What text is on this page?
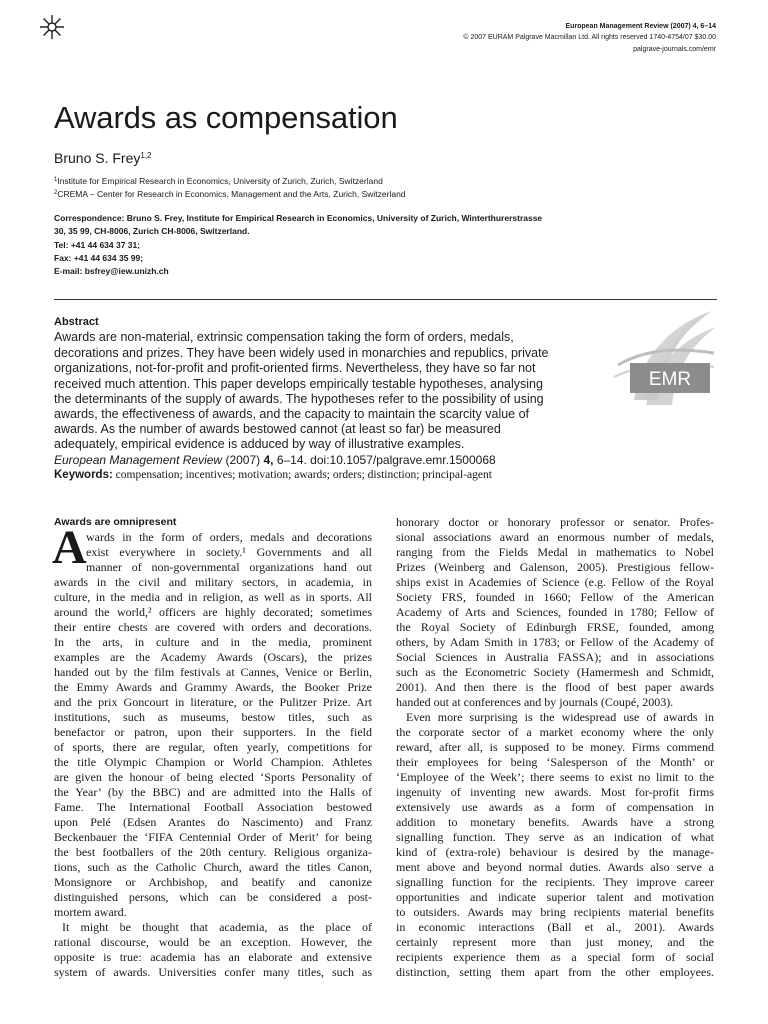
European Management Review (2007) 4, 6–14
© 2007 EURAM Palgrave Macmillan Ltd. All rights reserved 1740-4754/07 $30.00
palgrave-journals.com/emr
Awards as compensation
Bruno S. Frey$^{1,2}$
$^1$Institute for Empirical Research in Economics, University of Zurich, Zurich, Switzerland
$^2$CREMA – Center for Research in Economics, Management and the Arts, Zurich, Switzerland
Correspondence: Bruno S. Frey, Institute for Empirical Research in Economics, University of Zurich, Winterthurerstrasse
30, 35 99, CH-8006, Zurich CH-8006, Switzerland.
Tel: +41 44 634 37 31;
Fax: +41 44 634 35 99;
E-mail: bsfrey@iew.unizh.ch
Abstract
Awards are non-material, extrinsic compensation taking the form of orders, medals,
decorations and prizes. They have been widely used in monarchies and republics, private
organizations, not-for-profit and profit-oriented firms. Nevertheless, they have so far not
received much attention. This paper develops empirically testable hypotheses, analysing
the determinants of the supply of awards. The hypotheses refer to the possibility of using
awards, the effectiveness of awards, and the capacity to maintain the scarcity value of
awards. As the number of awards bestowed cannot (at least so far) be measured
adequately, empirical evidence is adduced by way of illustrative examples.
European Management Review (2007) 4, 6–14. doi:10.1057/palgrave.emr.1500068
Keywords: compensation; incentives; motivation; awards; orders; distinction; principal-agent
EMR
Awards are omnipresent
A wards in the form of orders, medals and decorations
exist everywhere in society.¹ Governments and all
manner of non-governmental organizations hand out
awards in the civil and military sectors, in academia, in
culture, in the media and in religion, as well as in sports. All
around the world,² officers are highly decorated; sometimes
their entire chests are covered with orders and decorations.
In the arts, in culture and in the media, prominent
examples are the Academy Awards (Oscars), the prizes
handed out by the film festivals at Cannes, Venice or Berlin,
the Emmy Awards and Grammy Awards, the Booker Prize
and the prix Goncourt in literature, or the Pulitzer Prize. Art
institutions, such as museums, bestow titles, such as
benefactor or patron, upon their supporters. In the field
of sports, there are regular, often yearly, competitions for
the title Olympic Champion or World Champion. Athletes
are given the honour of being elected ‘Sports Personality of
the Year’ (by the BBC) and are admitted into the Halls of
Fame. The International Football Association bestowed
upon Pelé (Edsen Arantes do Nascimento) and Franz
Beckenbauer the ‘FIFA Centennial Order of Merit’ for being
the best footballers of the 20th century. Religious organiza-
tions, such as the Catholic Church, award the titles Canon,
Monsignore or Archbishop, and beatify and canonize
distinguished persons, which can be considered a post-
mortem award.
It might be thought that academia, as the place of
rational discourse, would be an exception. However, the
opposite is true: academia has an elaborate and extensive
system of awards. Universities confer many titles, such as
honorary doctor or honorary professor or senator. Profes-
sional associations award an enormous number of medals,
ranging from the Fields Medal in mathematics to Nobel
Prizes (Weinberg and Galenson, 2005). Prestigious fellow-
ships exist in Academies of Science (e.g. Fellow of the Royal
Society FRS, founded in 1660; Fellow of the American
Academy of Arts and Sciences, founded in 1780; Fellow of
the Royal Society of Edinburgh FRSE, founded, among
others, by Adam Smith in 1783; or Fellow of the Academy of
Social Sciences in Australia FASSA); and in associations
such as the Econometric Society (Hamermesh and Schmidt,
2001). And then there is the flood of best paper awards
handed out at conferences and by journals (Coupé, 2003).
Even more surprising is the widespread use of awards in
the corporate sector of a market economy where the only
reward, after all, is supposed to be money. Firms commend
their employees for being ‘Salesperson of the Month’ or
‘Employee of the Week’; there seems to exist no limit to the
ingenuity of inventing new awards. Most for-profit firms
extensively use awards as a form of compensation in
addition to monetary benefits. Awards have a strong
signalling function. They serve as an indication of what
kind of (extra-role) behaviour is desired by the manage-
ment above and beyond normal duties. Awards also serve a
signalling function for the recipients. They improve career
opportunities and indicate superior talent and motivation
to outsiders. Awards may bring recipients material benefits
in economic interactions (Ball et al., 2001). Awards
certainly represent more than just money, and the
recipients experience them as a special form of social
distinction, setting them apart from the other employees.
